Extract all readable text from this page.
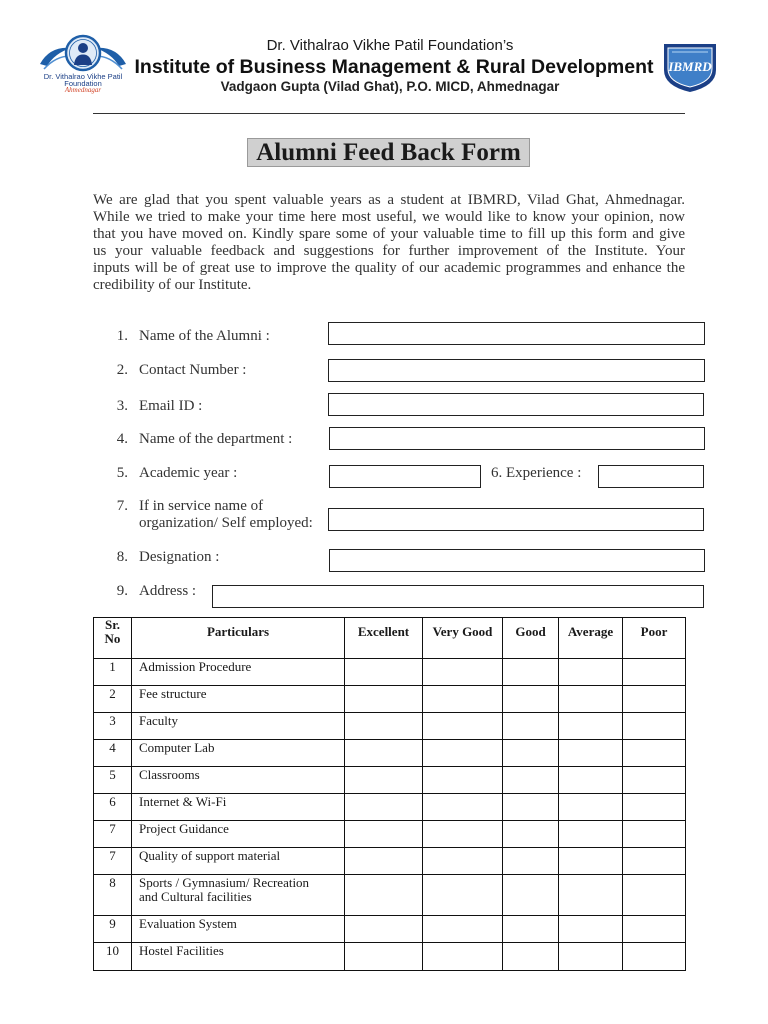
Dr. Vithalrao Vikhe Patil
Foundation
Ahmednagar
Dr. Vithalrao Vikhe Patil Foundation’s
Institute of Business Management & Rural Development
Vadgaon Gupta (Vilad Ghat), P.O. MICD, Ahmednagar
IBMRD
Alumni Feed Back Form
We are glad that you spent valuable years as a student at IBMRD, Vilad Ghat, Ahmednagar.
While we tried to make your time here most useful, we would like to know your opinion, now
that you have moved on. Kindly spare some of your valuable time to fill up this form and give
us your valuable feedback and suggestions for further improvement of the Institute. Your
inputs will be of great use to improve the quality of our academic programmes and enhance the
credibility of our Institute.
1. Name of the Alumni :
2. Contact Number :
3. Email ID :
4. Name of the department :
5. Academic year :	6. Experience :
7. If in service name of
organization/ Self employed:
8. Designation :
9. Address :
Sr.
No	Particulars	Excellent	Very Good	Good	Average	Poor
1	Admission Procedure					
2	Fee structure					
3	Faculty					
4	Computer Lab					
5	Classrooms					
6	Internet & Wi-Fi					
7	Project Guidance					
7	Quality of support material					
8	Sports / Gymnasium/ Recreation
and Cultural facilities					
9	Evaluation System					
10	Hostel Facilities					
